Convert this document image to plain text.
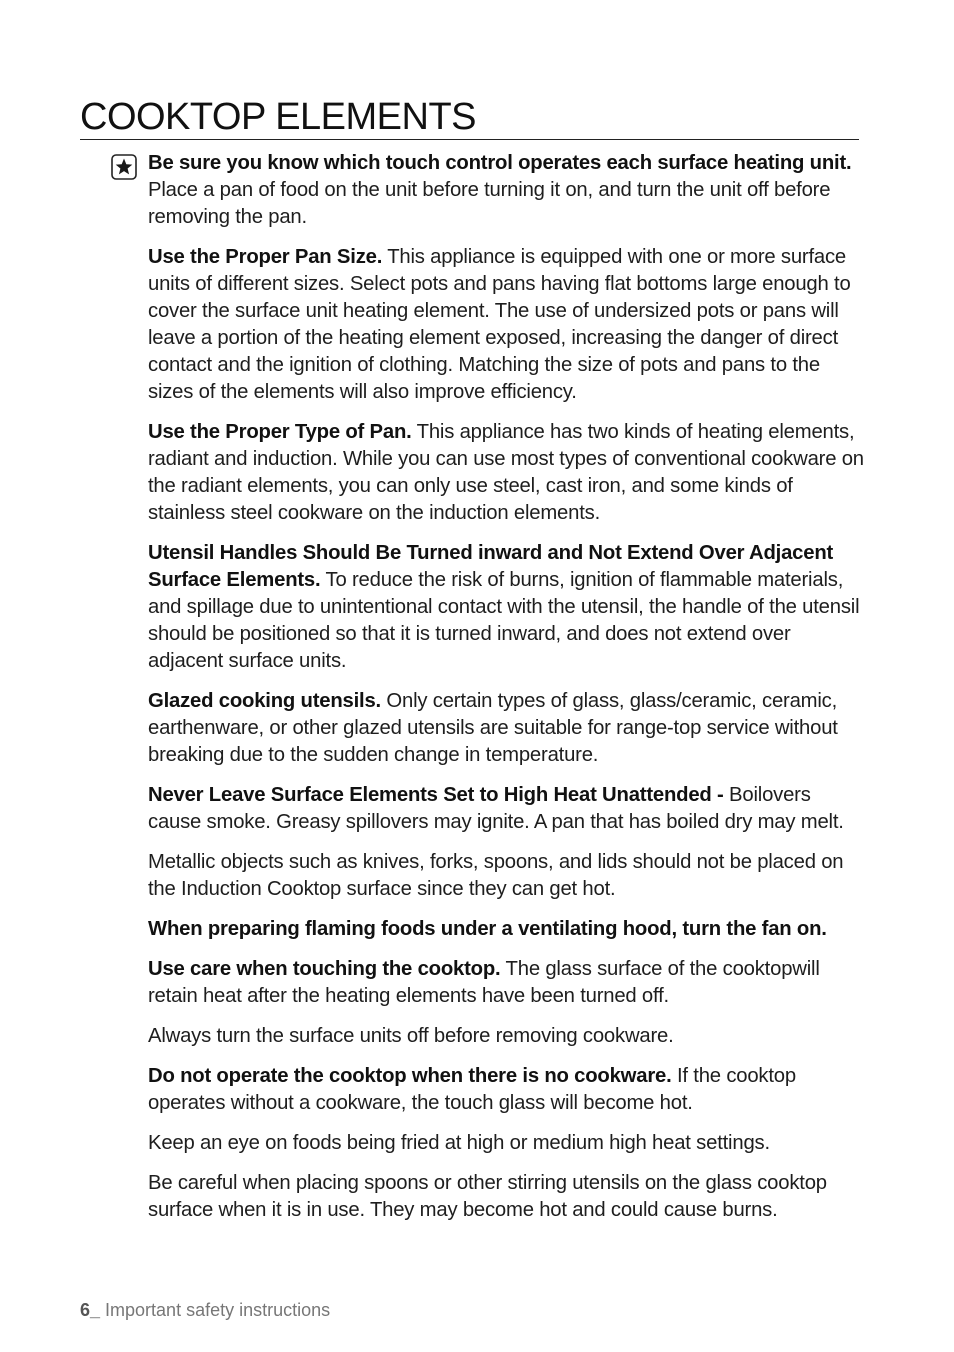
COOKTOP ELEMENTS

Be sure you know which touch control operates each surface heating unit. Place a pan of food on the unit before turning it on, and turn the unit off before removing the pan.

Use the Proper Pan Size. This appliance is equipped with one or more surface units of different sizes. Select pots and pans having flat bottoms large enough to cover the surface unit heating element. The use of undersized pots or pans will leave a portion of the heating element exposed, increasing the danger of direct contact and the ignition of clothing. Matching the size of pots and pans to the sizes of the elements will also improve efficiency.

Use the Proper Type of Pan. This appliance has two kinds of heating elements, radiant and induction. While you can use most types of conventional cookware on the radiant elements, you can only use steel, cast iron, and some kinds of stainless steel cookware on the induction elements.

Utensil Handles Should Be Turned inward and Not Extend Over Adjacent Surface Elements. To reduce the risk of burns, ignition of flammable materials, and spillage due to unintentional contact with the utensil, the handle of the utensil should be positioned so that it is turned inward, and does not extend over adjacent surface units.

Glazed cooking utensils. Only certain types of glass, glass/ceramic, ceramic, earthenware, or other glazed utensils are suitable for range-top service without breaking due to the sudden change in temperature.

Never Leave Surface Elements Set to High Heat Unattended - Boilovers cause smoke. Greasy spillovers may ignite. A pan that has boiled dry may melt.

Metallic objects such as knives, forks, spoons, and lids should not be placed on the Induction Cooktop surface since they can get hot.

When preparing flaming foods under a ventilating hood, turn the fan on.

Use care when touching the cooktop. The glass surface of the cooktopwill retain heat after the heating elements have been turned off.

Always turn the surface units off before removing cookware.

Do not operate the cooktop when there is no cookware. If the cooktop operates without a cookware, the touch glass will become hot.

Keep an eye on foods being fried at high or medium high heat settings.

Be careful when placing spoons or other stirring utensils on the glass cooktop surface when it is in use. They may become hot and could cause burns.

6_ Important safety instructions
